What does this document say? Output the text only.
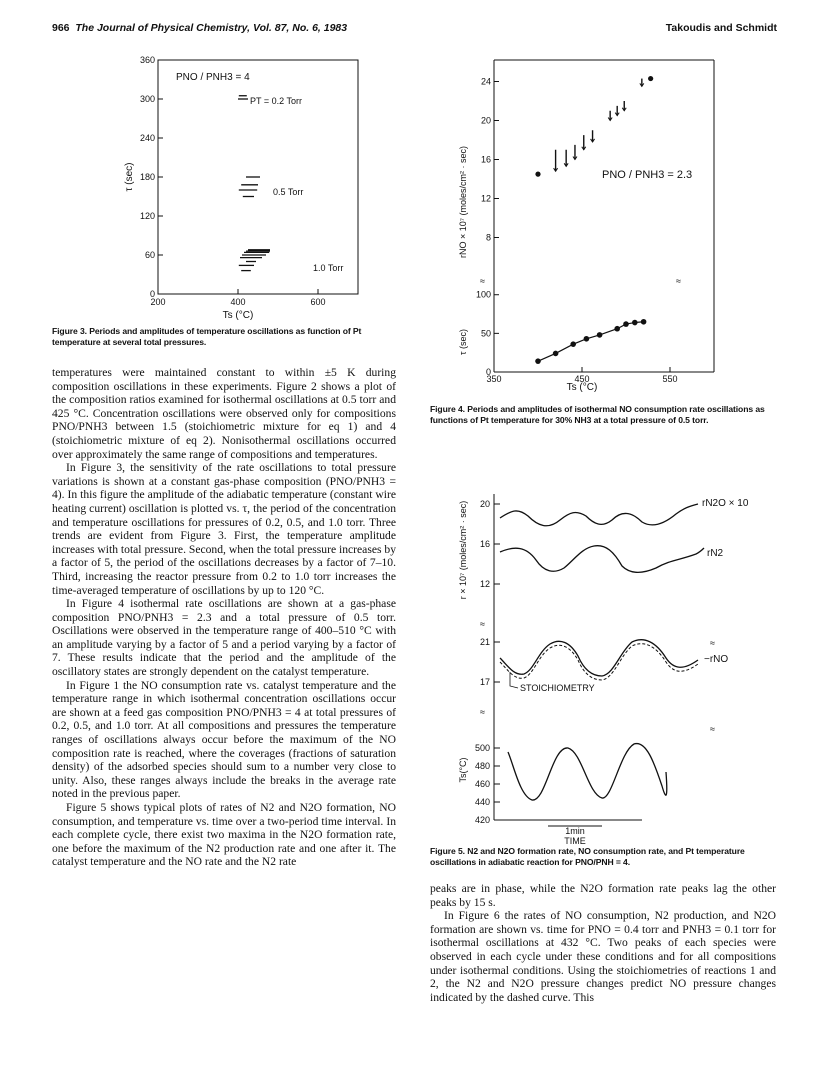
966 The Journal of Physical Chemistry, Vol. 87, No. 6, 1983	Takoudis and Schmidt
0
60
120
180
240
300
360
200	400	600
PNO / PNH3 = 4
PT = 0.2 Torr
0.5 Torr
1.0 Torr
τ (sec)
Ts (°C)
Figure 3. Periods and amplitudes of temperature oscillations as function of Pt temperature at several total pressures.
≈	≈
8
12
16
20
24
0
50
100
350	450	550
PNO / PNH3 = 2.3
rNO × 10⁷ (moles/cm² · sec)
τ (sec)
Ts (°C)
Figure 4. Periods and amplitudes of isothermal NO consumption rate oscillations as functions of Pt temperature for 30% NH3 at a total pressure of 0.5 torr.
≈
≈
≈
≈
20
16
12
21
17
500
480
460
440
420
rN2O × 10
rN2
−rNO
STOICHIOMETRY
r × 10⁷ (moles/cm² · sec)
Ts(°C)
1min
TIME
Figure 5. N2 and N2O formation rate, NO consumption rate, and Pt temperature oscillations in adiabatic reaction for PNO/PNH = 4.

temperatures were maintained constant to within ±5 K during composition oscillations in these experiments. Figure 2 shows a plot of the composition ratios examined for isothermal oscillations at 0.5 torr and 425 °C. Concentration oscillations were observed only for compositions PNO/PNH3 between 1.5 (stoichiometric mixture for eq 1) and 4 (stoichiometric mixture of eq 2). Nonisothermal oscillations occurred over approximately the same range of compositions and temperatures.

In Figure 3, the sensitivity of the rate oscillations to total pressure variations is shown at a constant gas-phase composition (PNO/PNH3 = 4). In this figure the amplitude of the adiabatic temperature (constant wire heating current) oscillation is plotted vs. τ, the period of the concentration and temperature oscillations for pressures of 0.2, 0.5, and 1.0 torr. Three trends are evident from Figure 3. First, the temperature amplitude increases with total pressure. Second, when the total pressure increases by a factor of 5, the period of the oscillations decreases by a factor of 7–10. Third, increasing the reactor pressure from 0.2 to 1.0 torr increases the time-averaged temperature of oscillations by up to 120 °C.

In Figure 4 isothermal rate oscillations are shown at a gas-phase composition PNO/PNH3 = 2.3 and a total pressure of 0.5 torr. Oscillations were observed in the temperature range of 400–510 °C with an amplitude varying by a factor of 5 and a period varying by a factor of 7. These results indicate that the period and the amplitude of the oscillatory states are strongly dependent on the catalyst temperature.

In Figure 1 the NO consumption rate vs. catalyst temperature and the temperature range in which isothermal concentration oscillations occur are shown at a feed gas composition PNO/PNH3 = 4 at total pressures of 0.2, 0.5, and 1.0 torr. At all compositions and pressures the temperature ranges of oscillations always occur before the maximum of the NO composition rate is reached, where the coverages (fractions of saturation density) of the adsorbed species should sum to a number very close to unity. Also, these ranges always include the breaks in the average rate noted in the previous paper.

Figure 5 shows typical plots of rates of N2 and N2O formation, NO consumption, and temperature vs. time over a two-period time interval. In each complete cycle, there exist two maxima in the N2O formation rate, one before the maximum of the N2 production rate and one after it. The catalyst temperature and the NO rate and the N2 rate

peaks are in phase, while the N2O formation rate peaks lag the other peaks by 15 s.

In Figure 6 the rates of NO consumption, N2 production, and N2O formation are shown vs. time for PNO = 0.4 torr and PNH3 = 0.1 torr for isothermal oscillations at 432 °C. Two peaks of each species were observed in each cycle under these conditions and for all compositions under isothermal conditions. Using the stoichiometries of reactions 1 and 2, the N2 and N2O pressure changes predict NO pressure changes indicated by the dashed curve. This
